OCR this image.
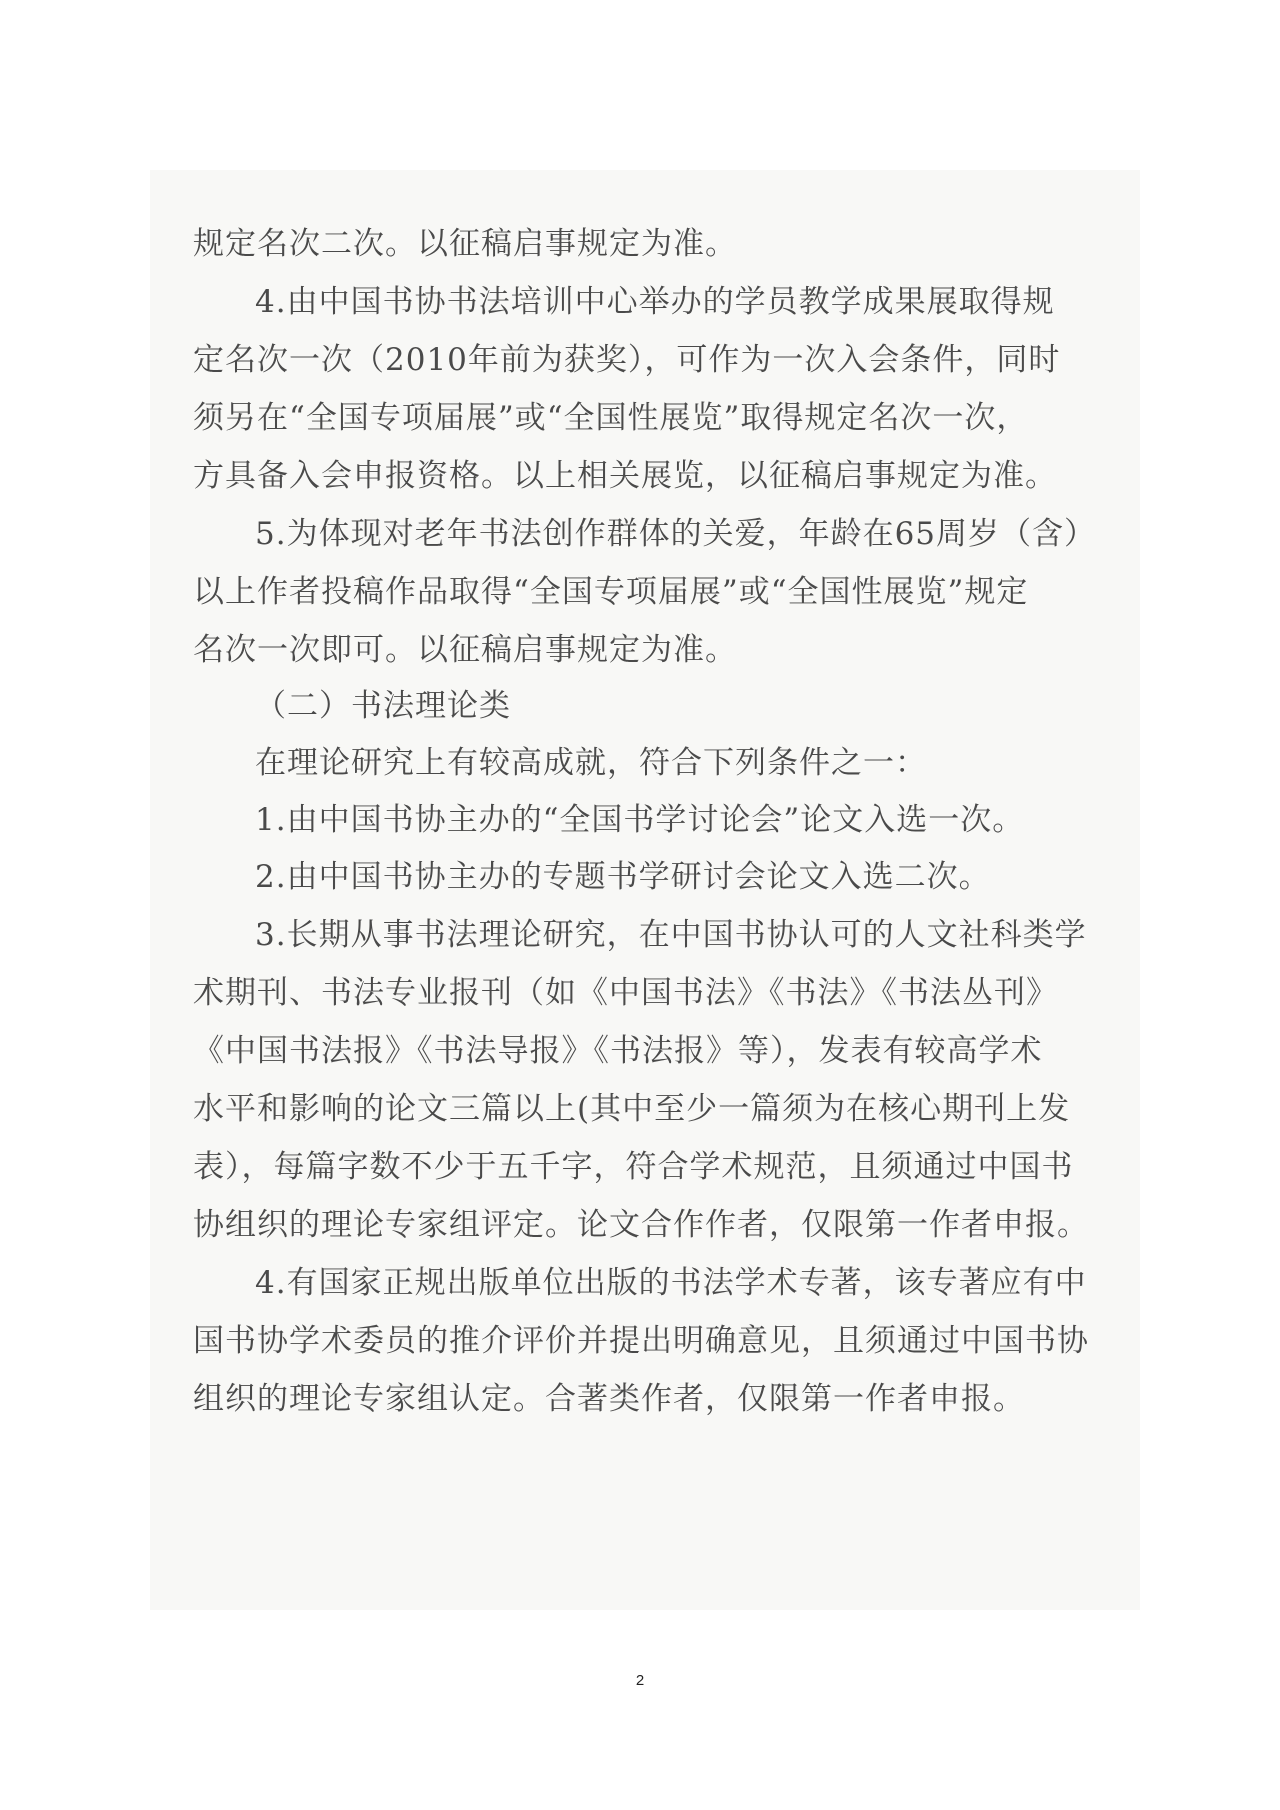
规定名次二次。以征稿启事规定为准。
4.由中国书协书法培训中心举办的学员教学成果展取得规
定名次一次（2010年前为获奖），可作为一次入会条件，同时
须另在“全国专项届展”或“全国性展览”取得规定名次一次，
方具备入会申报资格。以上相关展览，以征稿启事规定为准。
5.为体现对老年书法创作群体的关爱，年龄在65周岁（含）
以上作者投稿作品取得“全国专项届展”或“全国性展览”规定
名次一次即可。以征稿启事规定为准。
（二）书法理论类
在理论研究上有较高成就，符合下列条件之一：
1.由中国书协主办的“全国书学讨论会”论文入选一次。
2.由中国书协主办的专题书学研讨会论文入选二次。
3.长期从事书法理论研究，在中国书协认可的人文社科类学
术期刊、书法专业报刊（如《中国书法》《书法》《书法丛刊》
《中国书法报》《书法导报》《书法报》等），发表有较高学术
水平和影响的论文三篇以上(其中至少一篇须为在核心期刊上发
表），每篇字数不少于五千字，符合学术规范，且须通过中国书
协组织的理论专家组评定。论文合作作者，仅限第一作者申报。
4.有国家正规出版单位出版的书法学术专著，该专著应有中
国书协学术委员的推介评价并提出明确意见，且须通过中国书协
组织的理论专家组认定。合著类作者，仅限第一作者申报。
2
